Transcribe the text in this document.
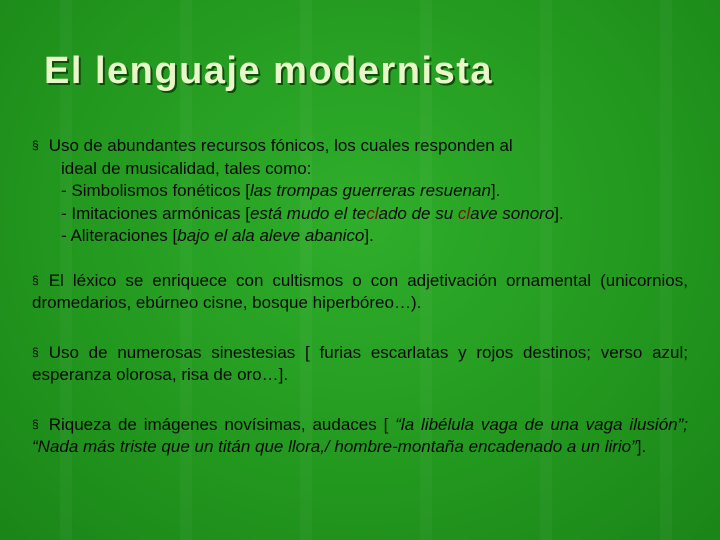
El lenguaje modernista
§ Uso de abundantes recursos fónicos, los cuales responden al
ideal de musicalidad, tales como:
- Simbolismos fonéticos [las trompas guerreras resuenan].
- Imitaciones armónicas [está mudo el teclado de su clave sonoro].
- Aliteraciones [bajo el ala aleve abanico].
§ El léxico se enriquece con cultismos o con adjetivación ornamental (unicornios, dromedarios, ebúrneo cisne, bosque hiperbóreo…).
§ Uso de numerosas sinestesias [ furias escarlatas y rojos destinos; verso azul; esperanza olorosa, risa de oro…].
§ Riqueza de imágenes novísimas, audaces [ “la libélula vaga de una vaga ilusión”; “Nada más triste que un titán que llora,/ hombre-montaña encadenado a un lirio”].
